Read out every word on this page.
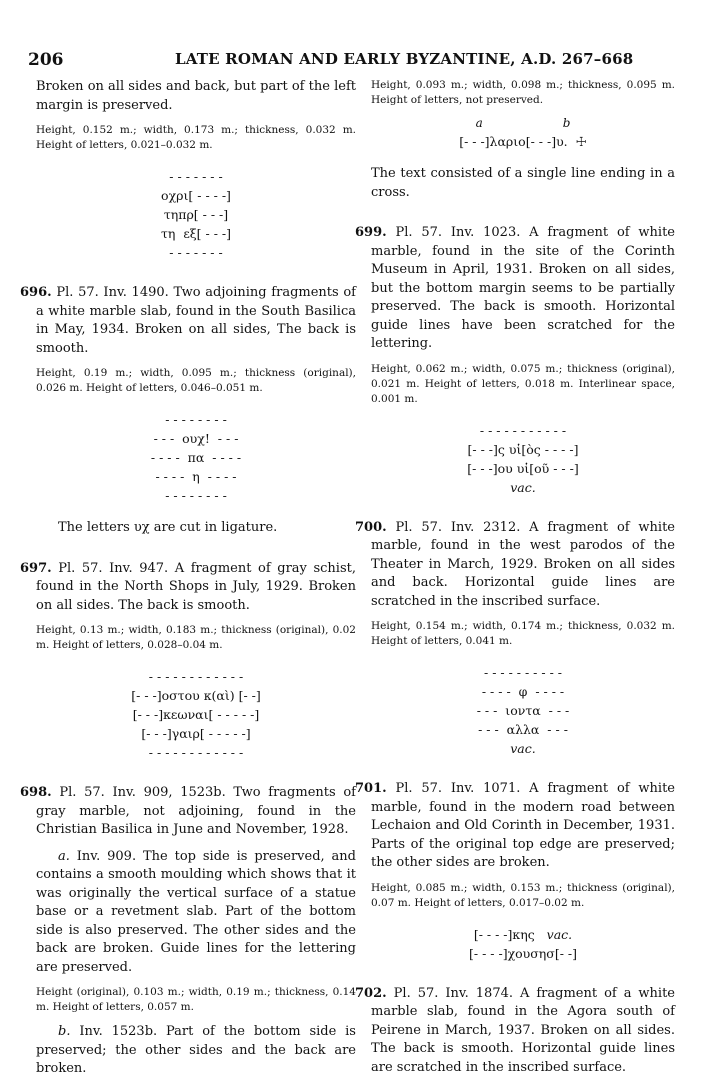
206	LATE ROMAN AND EARLY BYZANTINE, A.D. 267–668

Broken on all sides and back, but part of the left margin is preserved.

Height, 0.152 m.; width, 0.173 m.; thickness, 0.032 m. Height of letters, 0.021–0.032 m.

- - - - - - -
οχρι[ - - - -]
τηπρ[ - - -]
τη  εξ[ - - -]
- - - - - - -

696. Pl. 57. Inv. 1490. Two adjoining fragments of a white marble slab, found in the South Basilica in May, 1934. Broken on all sides, The back is smooth.

Height, 0.19 m.; width, 0.095 m.; thickness (original), 0.026 m. Height of letters, 0.046–0.051 m.

- - - - - - - -
- - -  ουχ!  - - -
- - - -  πα  - - - -
- - - -  η  - - - -
- - - - - - - -

The letters υχ are cut in ligature.

697. Pl. 57. Inv. 947. A fragment of gray schist, found in the North Shops in July, 1929. Broken on all sides. The back is smooth.

Height, 0.13 m.; width, 0.183 m.; thickness (original), 0.02 m. Height of letters, 0.028–0.04 m.

- - - - - - - - - - - -
[- - -]οστου κ(αὶ) [- -]
[- - -]κεωναι[ - - - - -]
[- - -]γαιρ[ - - - - -]
- - - - - - - - - - - -

698. Pl. 57. Inv. 909, 1523b. Two fragments of gray marble, not adjoining, found in the Christian Basilica in June and November, 1928.

a. Inv. 909. The top side is preserved, and contains a smooth moulding which shows that it was originally the vertical surface of a statue base or a revetment slab. Part of the bottom side is also preserved. The other sides and the back are broken. Guide lines for the lettering are preserved.

Height (original), 0.103 m.; width, 0.19 m.; thickness, 0.14 m. Height of letters, 0.057 m.

b. Inv. 1523b. Part of the bottom side is preserved; the other sides and the back are broken.

Height, 0.093 m.; width, 0.098 m.; thickness, 0.095 m. Height of letters, not preserved.

a	b
[- - -]λαριο[- - -]υ.  ☩

The text consisted of a single line ending in a cross.

699. Pl. 57. Inv. 1023. A fragment of white marble, found in the site of the Corinth Museum in April, 1931. Broken on all sides, but the bottom margin seems to be partially preserved. The back is smooth. Horizontal guide lines have been scratched for the lettering.

Height, 0.062 m.; width, 0.075 m.; thickness (original), 0.021 m. Height of letters, 0.018 m. Interlinear space, 0.001 m.

- - - - - - - - - - -
[- - -]ς υἱ[ὸς - - - -]
[- - -]ου υἱ[οῦ - - -]
vac.

700. Pl. 57. Inv. 2312. A fragment of white marble, found in the west parodos of the Theater in March, 1929. Broken on all sides and back. Horizontal guide lines are scratched in the inscribed surface.

Height, 0.154 m.; width, 0.174 m.; thickness, 0.032 m. Height of letters, 0.041 m.

- - - - - - - - - -
- - - -  φ  - - - -
- - -  ιοντα  - - -
- - -  αλλα  - - -
vac.

701. Pl. 57. Inv. 1071. A fragment of white marble, found in the modern road between Lechaion and Old Corinth in December, 1931. Parts of the original top edge are preserved; the other sides are broken.

Height, 0.085 m.; width, 0.153 m.; thickness (original), 0.07 m. Height of letters, 0.017–0.02 m.

[- - - -]κης vac.
[- - - -]χουσησ[- -]

702. Pl. 57. Inv. 1874. A fragment of a white marble slab, found in the Agora south of Peirene in March, 1937. Broken on all sides. The back is smooth. Horizontal guide lines are scratched in the inscribed surface.
